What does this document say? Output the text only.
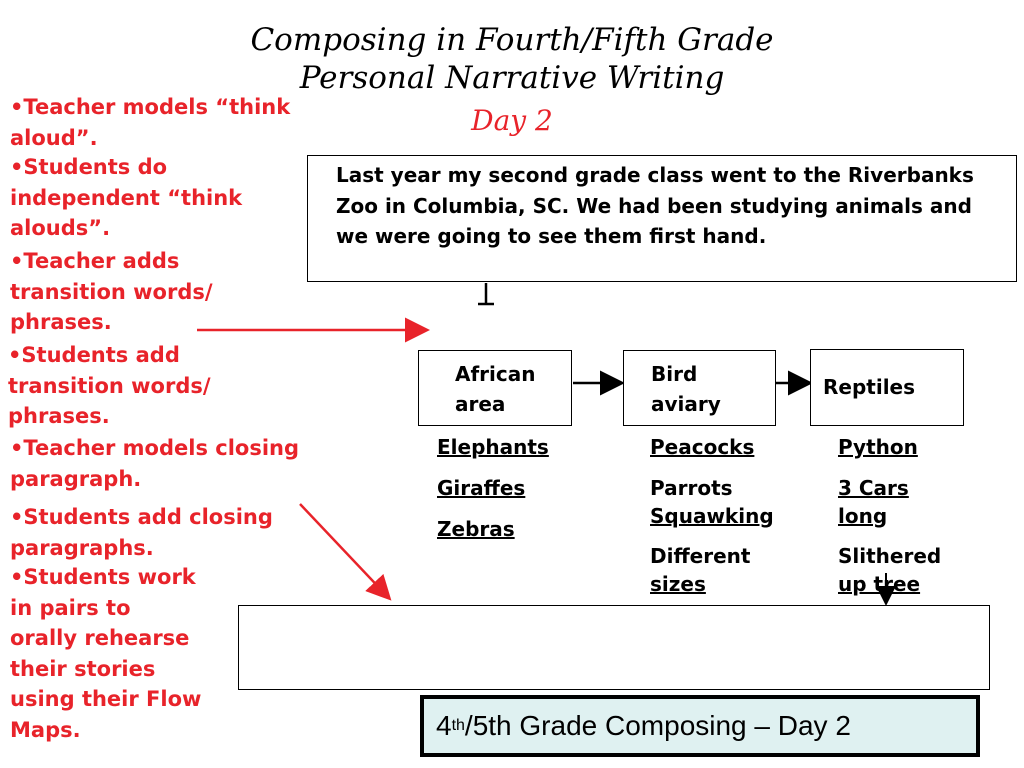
Composing in Fourth/Fifth Grade
Personal Narrative Writing
Day 2
•Teacher models “think
aloud”.
•Students do
independent “think
alouds”.
•Teacher adds
transition words/
phrases.
•Students add
transition words/
phrases.
•Teacher models closing
paragraph.
•Students add closing
paragraphs.
•Students work
in pairs to
orally rehearse
their stories
using their Flow
Maps.
Last year my second grade class went to the Riverbanks Zoo in Columbia, SC. We had been studying animals and we were going to see them first hand.
African area
Bird aviary
Reptiles
Elephants
Giraffes
Zebras
Peacocks
Parrots
Squawking
Different
sizes
Python
3 Cars
long
Slithered
up tree
4 th /5th Grade Composing – Day 2
